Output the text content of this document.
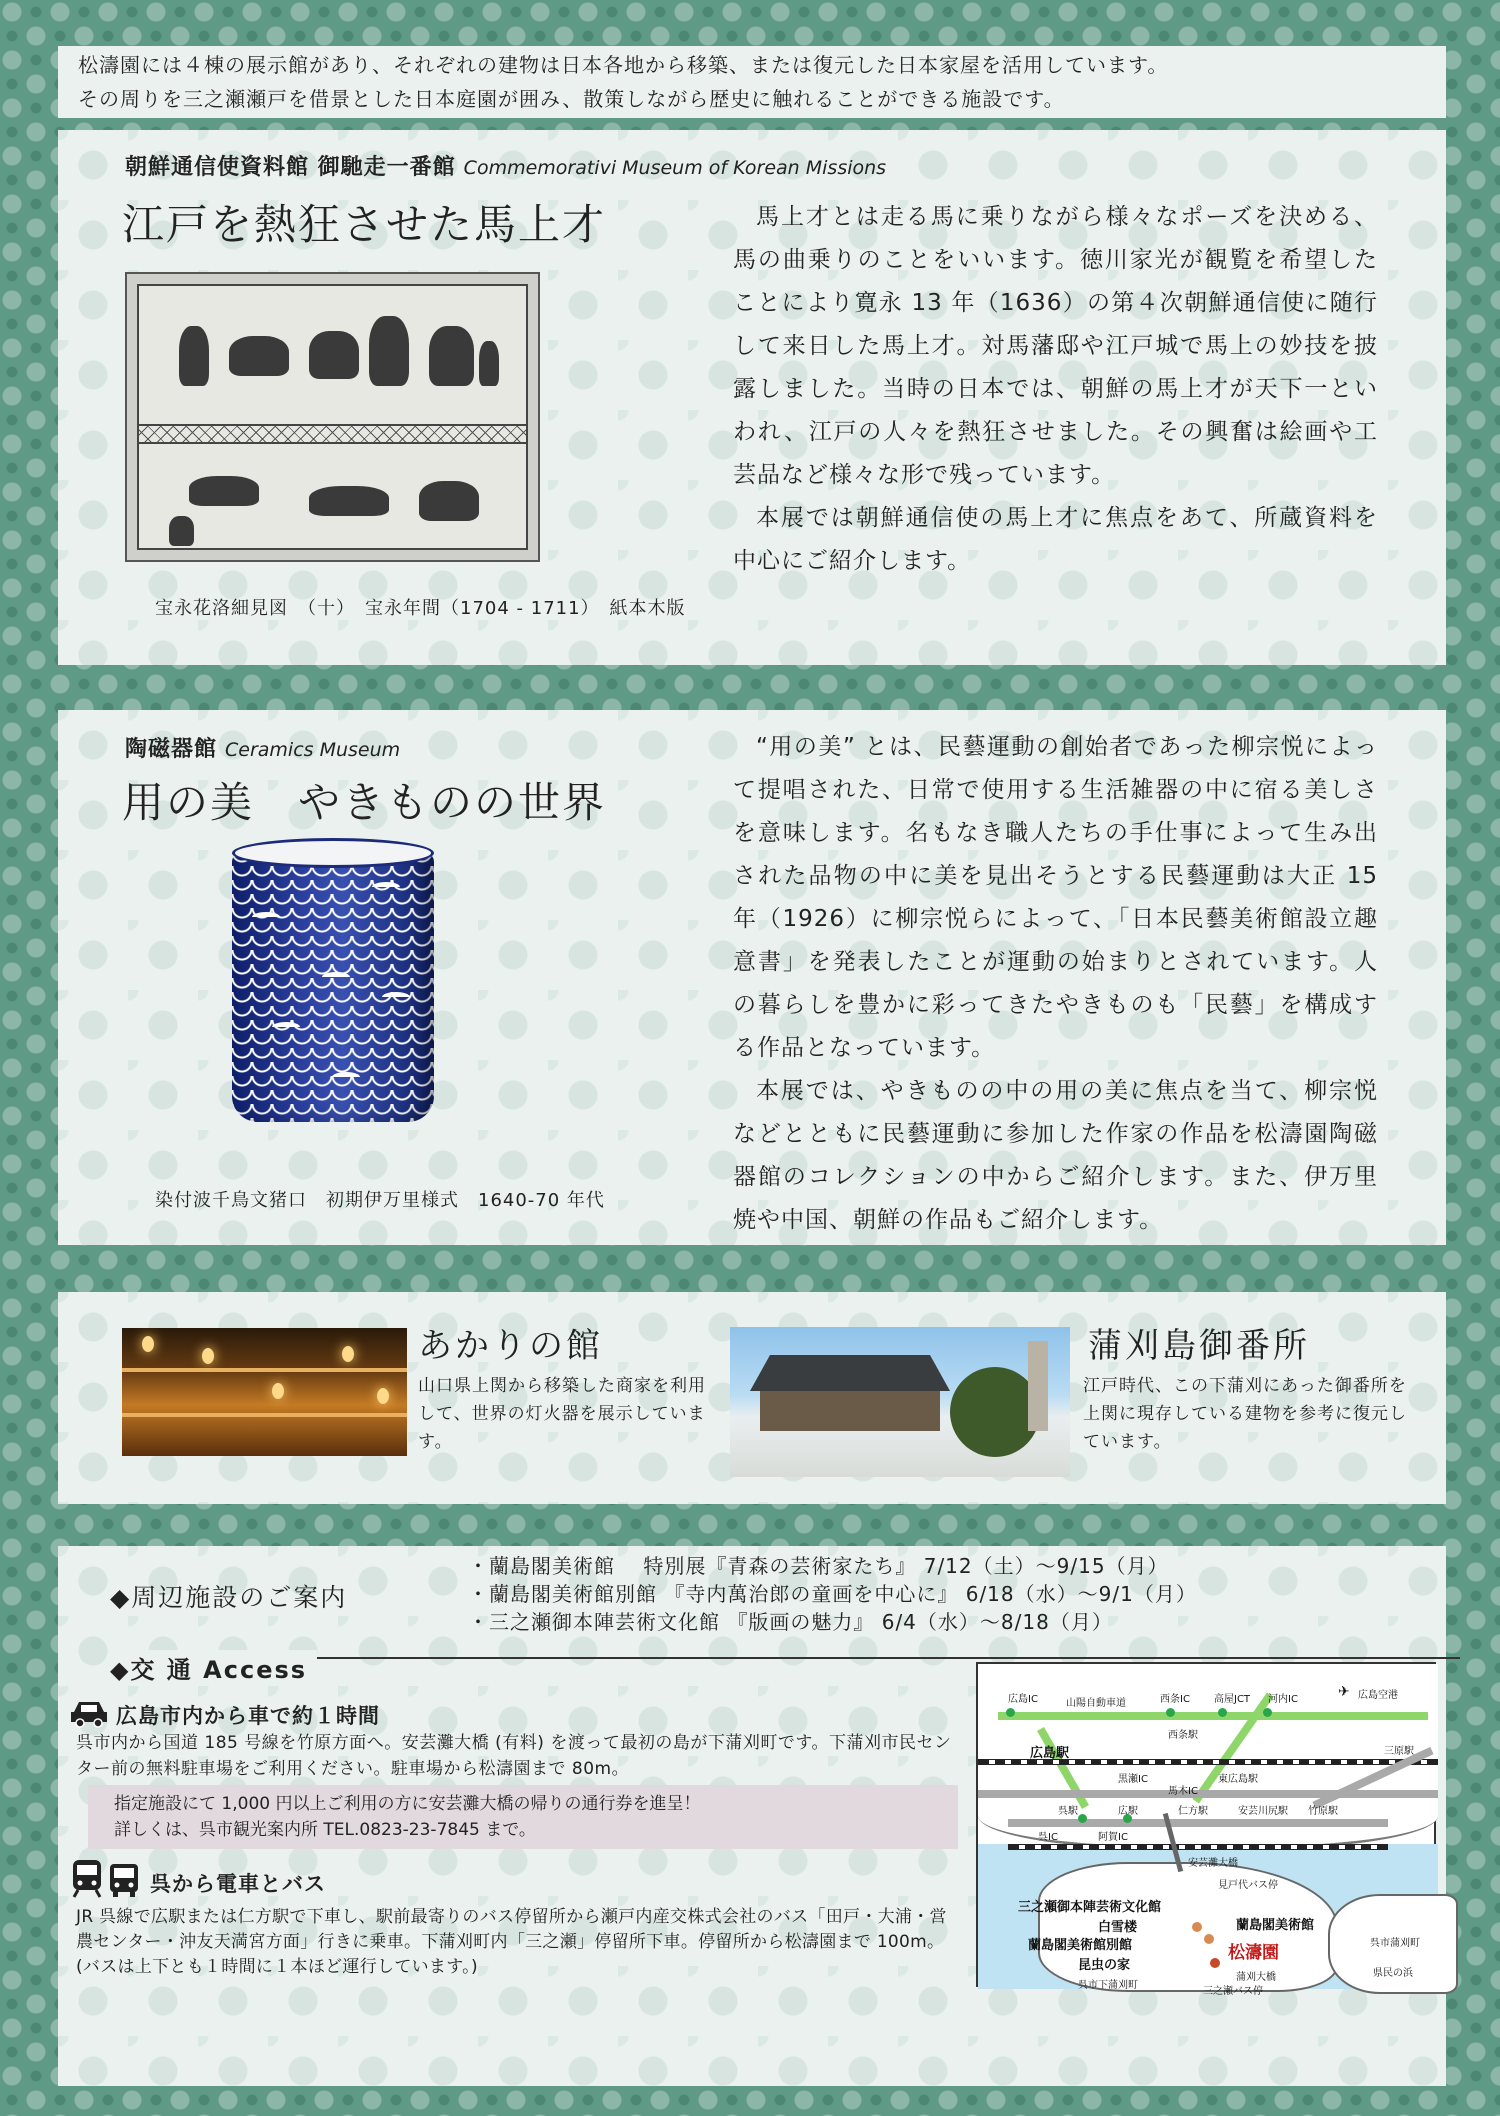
松濤園には４棟の展示館があり、それぞれの建物は日本各地から移築、または復元した日本家屋を活用しています。
その周りを三之瀬瀬戸を借景とした日本庭園が囲み、散策しながら歴史に触れることができる施設です。
朝鮮通信使資料館 御馳走一番館 Commemorativi Museum of Korean Missions
江戸を熱狂させた馬上才
宝永花洛細見図　（十）　宝永年間（1704 - 1711）　紙本木版

馬上才とは走る馬に乗りながら様々なポーズを決める、馬の曲乗りのことをいいます。徳川家光が観覧を希望したことにより寛永 13 年（1636）の第４次朝鮮通信使に随行して来日した馬上才。対馬藩邸や江戸城で馬上の妙技を披露しました。当時の日本では、朝鮮の馬上才が天下一といわれ、江戸の人々を熱狂させました。その興奮は絵画や工芸品など様々な形で残っています。

本展では朝鮮通信使の馬上才に焦点をあて、所蔵資料を中心にご紹介します。

陶磁器館 Ceramics Museum
用の美　やきものの世界
染付波千鳥文猪口　初期伊万里様式　1640-70 年代

“用の美” とは、民藝運動の創始者であった柳宗悦によって提唱された、日常で使用する生活雑器の中に宿る美しさを意味します。名もなき職人たちの手仕事によって生み出された品物の中に美を見出そうとする民藝運動は大正 15 年（1926）に柳宗悦らによって、「日本民藝美術館設立趣意書」を発表したことが運動の始まりとされています。人の暮らしを豊かに彩ってきたやきものも「民藝」を構成する作品となっています。

本展では、やきものの中の用の美に焦点を当て、柳宗悦などとともに民藝運動に参加した作家の作品を松濤園陶磁器館のコレクションの中からご紹介します。また、伊万里焼や中国、朝鮮の作品もご紹介します。

あかりの館
山口県上関から移築した商家を利用して、世界の灯火器を展示しています。
蒲刈島御番所
江戸時代、この下蒲刈にあった御番所を上関に現存している建物を参考に復元しています。
◆周辺施設のご案内
・蘭島閣美術館　 特別展『青森の芸術家たち』 7/12（土）～9/15（月）
・蘭島閣美術館別館 『寺内萬治郎の童画を中心に』 6/18（水）～9/1（月）
・三之瀬御本陣芸術文化館 『版画の魅力』 6/4（水）～8/18（月）
◆交 通 Access
広島市内から車で約１時間
呉市内から国道 185 号線を竹原方面へ。安芸灘大橋 (有料) を渡って最初の島が下蒲刈町です。下蒲刈市民センター前の無料駐車場をご利用ください。駐車場から松濤園まで 80m。
指定施設にて 1,000 円以上ご利用の方に安芸灘大橋の帰りの通行券を進呈！
詳しくは、呉市観光案内所 TEL.0823-23-7845 まで。
呉から電車とバス
JR 呉線で広駅または仁方駅で下車し、駅前最寄りのバス停留所から瀬戸内産交株式会社のバス「田戸・大浦・営農センター・沖友天満宮方面」行きに乗車。下蒲刈町内「三之瀬」停留所下車。停留所から松濤園まで 100m。
(バスは上下とも１時間に１本ほど運行しています。)
広島IC	山陽自動車道	西条IC 高屋JCT 河内IC	✈ 広島空港
西条駅
三原駅
広島駅
黒瀬IC	東広島駅
馬木IC
呉駅	広駅	仁方駅	安芸川尻駅 竹原駅
呉IC	阿賀IC
安芸灘大橋
見戸代バス停
三之瀬御本陣芸術文化館
白雪楼	蘭島閣美術館
蘭島閣美術館別館
昆虫の家
松濤園
呉市下蒲刈町
蒲刈大橋
三之瀬バス停
呉市蒲刈町
県民の浜
